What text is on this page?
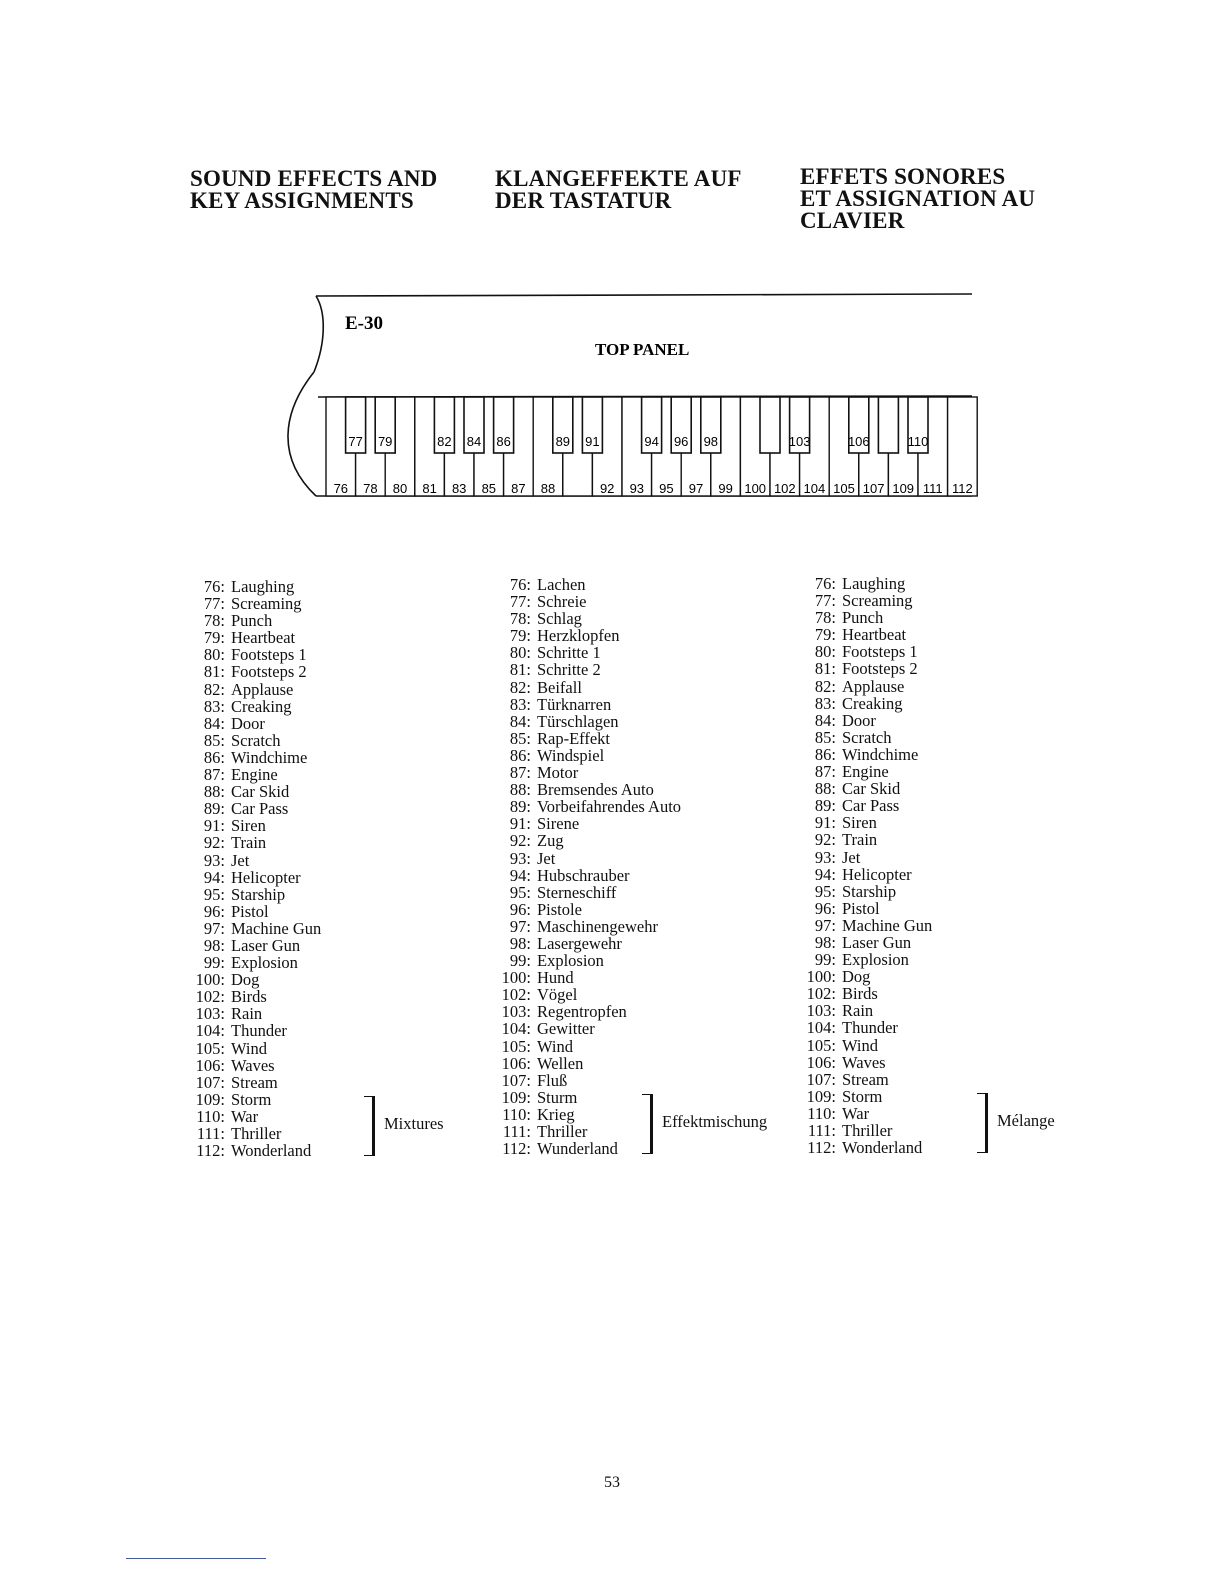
SOUND EFFECTS AND
KEY ASSIGNMENTS
KLANGEFFEKTE AUF
DER TASTATUR
EFFETS SONORES
ET ASSIGNATION AU
CLAVIER
E-30
TOP PANEL
76 78 80 81 83 85 87 88	92 93 95 97 99 100 102 104 105 107 109 111 112
77 79	82 84 86	89 91	94 96 98	103	106	110
76: Laughing
77: Screaming
78: Punch
79: Heartbeat
80: Footsteps 1
81: Footsteps 2
82: Applause
83: Creaking
84: Door
85: Scratch
86: Windchime
87: Engine
88: Car Skid
89: Car Pass
91: Siren
92: Train
93: Jet
94: Helicopter
95: Starship
96: Pistol
97: Machine Gun
98: Laser Gun
99: Explosion
100: Dog
102: Birds
103: Rain
104: Thunder
105: Wind
106: Waves
107: Stream
109: Storm
110: War
111: Thriller
112: Wonderland
76: Lachen
77: Schreie
78: Schlag
79: Herzklopfen
80: Schritte 1
81: Schritte 2
82: Beifall
83: Türknarren
84: Türschlagen
85: Rap-Effekt
86: Windspiel
87: Motor
88: Bremsendes Auto
89: Vorbeifahrendes Auto
91: Sirene
92: Zug
93: Jet
94: Hubschrauber
95: Sterneschiff
96: Pistole
97: Maschinengewehr
98: Lasergewehr
99: Explosion
100: Hund
102: Vögel
103: Regentropfen
104: Gewitter
105: Wind
106: Wellen
107: Fluß
109: Sturm
110: Krieg
111: Thriller
112: Wunderland
76: Laughing
77: Screaming
78: Punch
79: Heartbeat
80: Footsteps 1
81: Footsteps 2
82: Applause
83: Creaking
84: Door
85: Scratch
86: Windchime
87: Engine
88: Car Skid
89: Car Pass
91: Siren
92: Train
93: Jet
94: Helicopter
95: Starship
96: Pistol
97: Machine Gun
98: Laser Gun
99: Explosion
100: Dog
102: Birds
103: Rain
104: Thunder
105: Wind
106: Waves
107: Stream
109: Storm
110: War
111: Thriller
112: Wonderland
Mixtures	Effektmischung	Mélange
53
